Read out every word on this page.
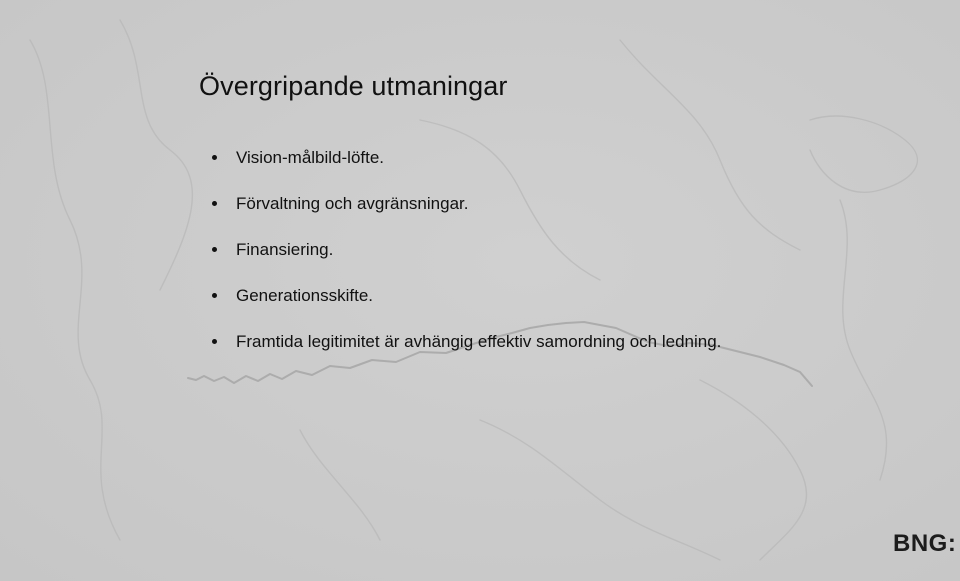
Övergripande utmaningar
Vision-målbild-löfte.
Förvaltning och avgränsningar.
Finansiering.
Generationsskifte.
Framtida legitimitet är avhängig effektiv samordning och ledning.
BNG:
